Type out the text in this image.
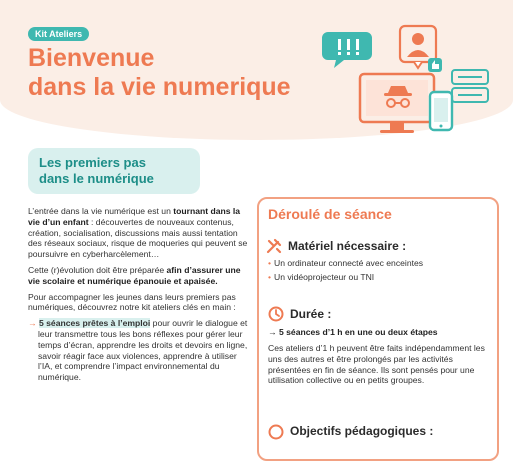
Kit Ateliers
Bienvenue
dans la vie numerique
Les premiers pas
dans le numérique

L’entrée dans la vie numérique est un tournant dans la vie d’un enfant : découvertes de nouveaux contenus, création, socialisation, discussions mais aussi tentation des réseaux sociaux, risque de moqueries qui peuvent se poursuivre en cyberharcèlement…

Cette (r)évolution doit être préparée afin d’assurer une vie scolaire et numérique épanouie et apaisée.

Pour accompagner les jeunes dans leurs premiers pas numériques, découvrez notre kit ateliers clés en main :

→ 5 séances prêtes à l’emploi pour ouvrir le dialogue et leur transmettre tous les bons réflexes pour gérer leur temps d’écran, apprendre les droits et devoirs en ligne, savoir réagir face aux violences, apprendre à utiliser l’IA, et comprendre l’impact environnemental du numérique.

Déroulé de séance
Matériel nécessaire :
• Un ordinateur connecté avec enceintes
• Un vidéoprojecteur ou TNI
Durée :
→ 5 séances d’1 h en une ou deux étapes

Ces ateliers d’1 h peuvent être faits indépendamment les uns des autres et être prolongés par les activités présentées en fin de séance. Ils sont pensés pour une utilisation collective ou en petits groupes.

Objectifs pédagogiques :
